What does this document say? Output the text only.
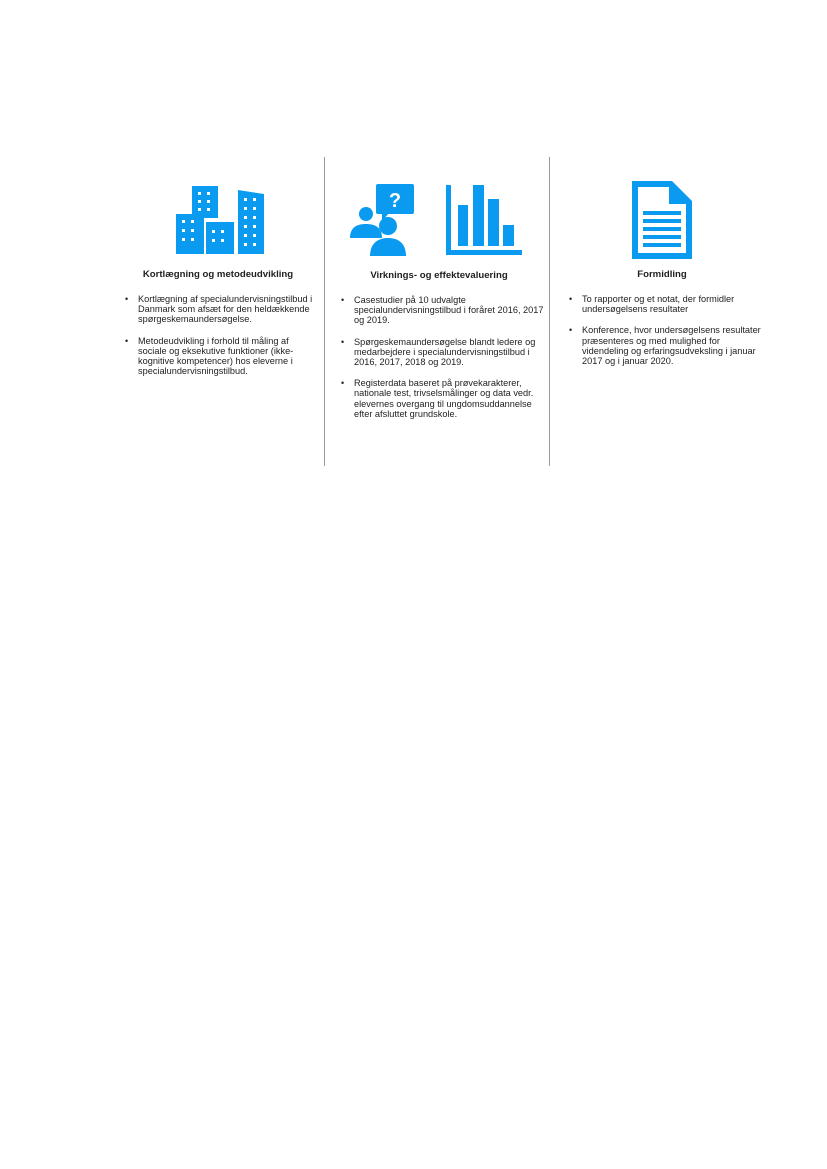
Kortlægning og metodeudvikling
• Kortlægning af specialundervisningstilbud i Danmark som afsæt for den heldækkende spørgeskemaundersøgelse.
• Metodeudvikling i forhold til måling af sociale og eksekutive funktioner (ikke-kognitive kompetencer) hos eleverne i specialundervisningstilbud.
?
Virknings- og effektevaluering
• Casestudier på 10 udvalgte specialundervisningstilbud i foråret 2016, 2017 og 2019.
• Spørgeskemaundersøgelse blandt ledere og medarbejdere i specialundervisningstilbud i 2016, 2017, 2018 og 2019.
• Registerdata baseret på prøvekarakterer, nationale test, trivselsmålinger og data vedr. elevernes overgang til ungdomsuddannelse efter afsluttet grundskole.
Formidling
• To rapporter og et notat, der formidler undersøgelsens resultater
• Konference, hvor undersøgelsens resultater præsenteres og med mulighed for videndeling og erfaringsudveksling i januar 2017 og i januar 2020.
